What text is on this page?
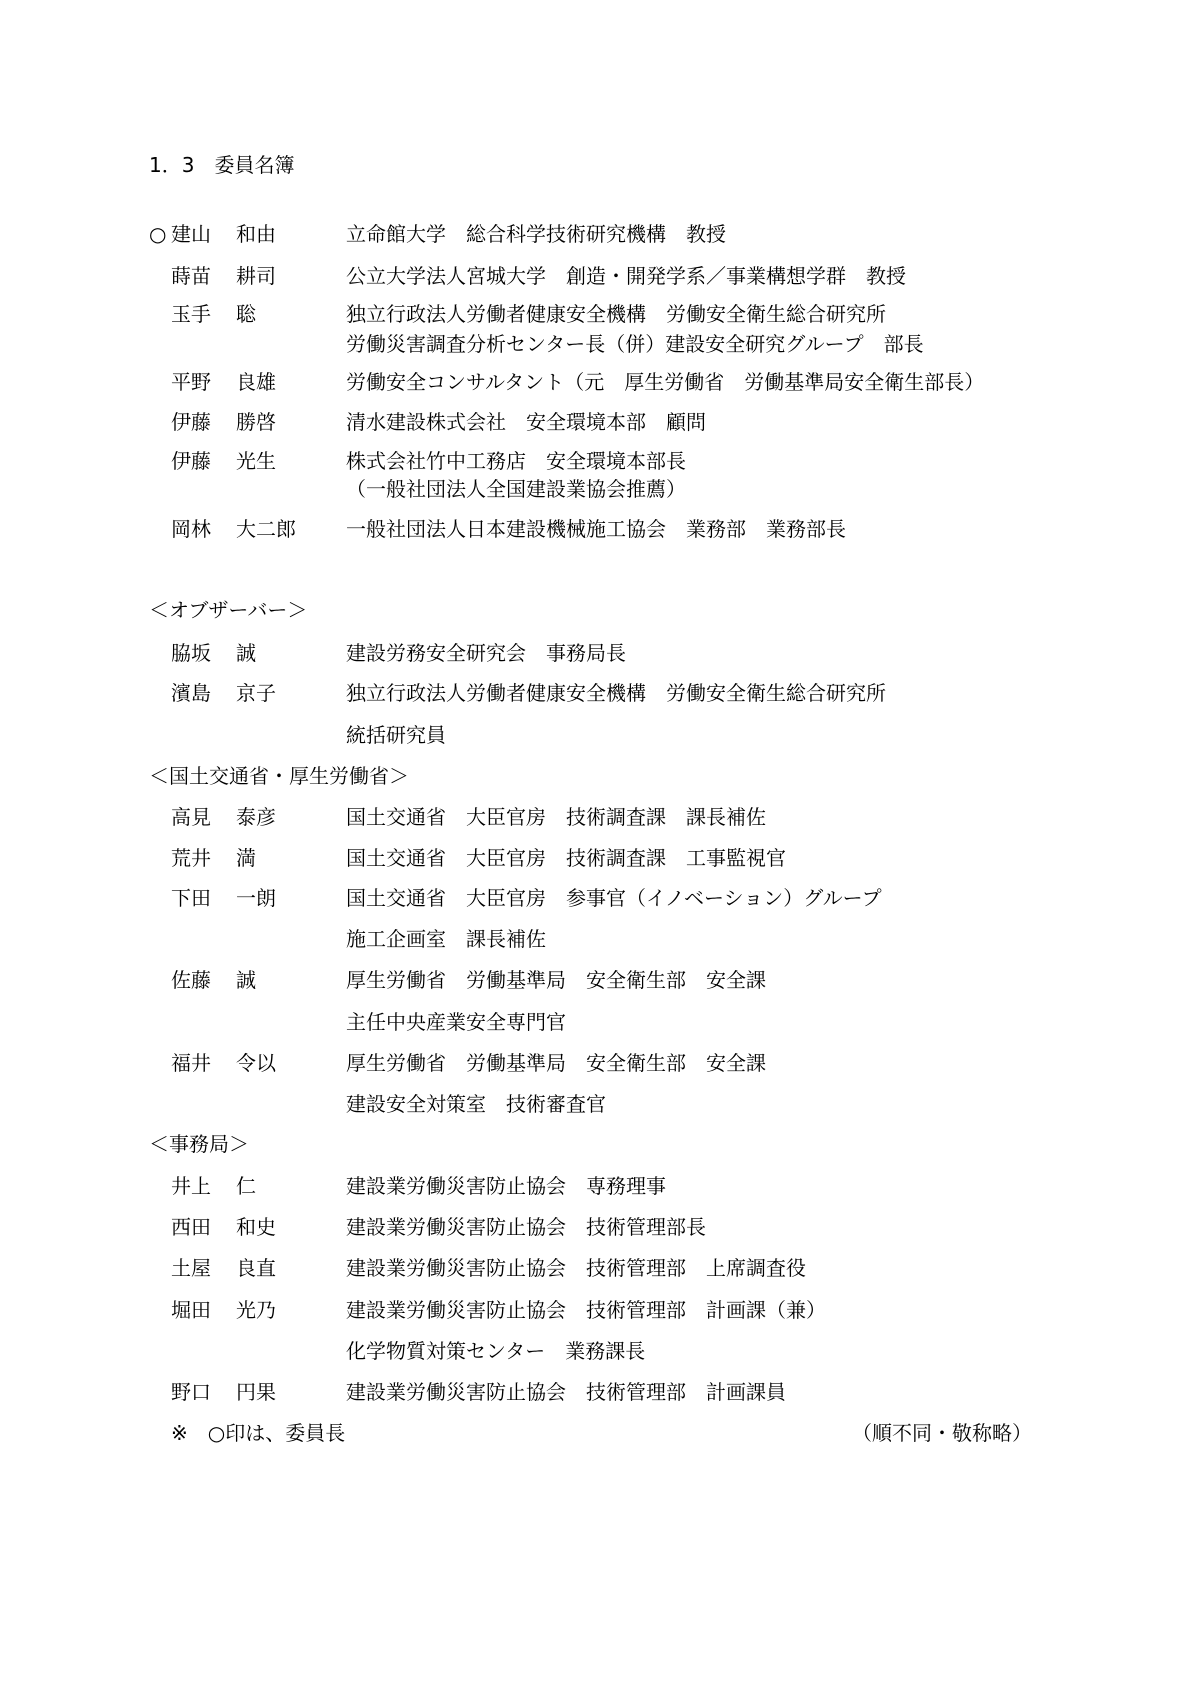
1．3　委員名簿
※　○印は、委員長	（順不同・敬称略）
○ 建山 和由	立命館大学　総合科学技術研究機構　教授
蒔苗 耕司	公立大学法人宮城大学　創造・開発学系／事業構想学群　教授
玉手 聡	独立行政法人労働者健康安全機構　労働安全衛生総合研究所
労働災害調査分析センター長（併）建設安全研究グループ　部長
平野 良雄	労働安全コンサルタント（元　厚生労働省　労働基準局安全衛生部長）
伊藤 勝啓	清水建設株式会社　安全環境本部　顧問
伊藤 光生	株式会社竹中工務店　安全環境本部長
（一般社団法人全国建設業協会推薦）
岡林 大二郎	一般社団法人日本建設機械施工協会　業務部　業務部長
＜オブザーバー＞
脇坂 誠	建設労務安全研究会　事務局長
濱島 京子	独立行政法人労働者健康安全機構　労働安全衛生総合研究所
統括研究員
＜国土交通省・厚生労働省＞
高見 泰彦	国土交通省　大臣官房　技術調査課　課長補佐
荒井 満	国土交通省　大臣官房　技術調査課　工事監視官
下田 一朗	国土交通省　大臣官房　参事官（イノベーション）グループ
施工企画室　課長補佐
佐藤 誠	厚生労働省　労働基準局　安全衛生部　安全課
主任中央産業安全専門官
福井 令以	厚生労働省　労働基準局　安全衛生部　安全課
建設安全対策室　技術審査官
＜事務局＞
井上 仁	建設業労働災害防止協会　専務理事
西田 和史	建設業労働災害防止協会　技術管理部長
土屋 良直	建設業労働災害防止協会　技術管理部　上席調査役
堀田 光乃	建設業労働災害防止協会　技術管理部　計画課（兼）
化学物質対策センター　業務課長
野口 円果	建設業労働災害防止協会　技術管理部　計画課員
